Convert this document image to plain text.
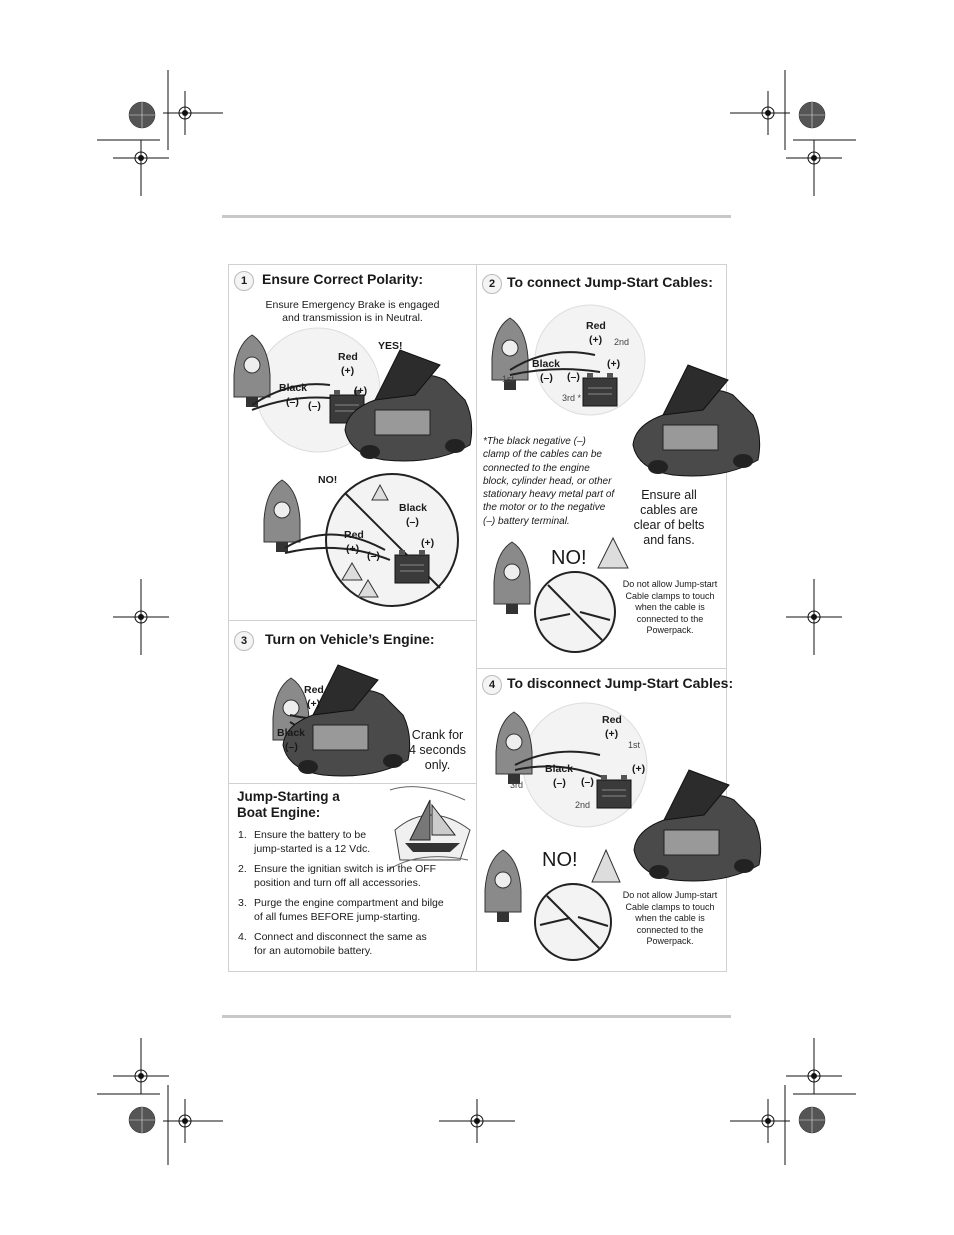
1	Ensure Correct Polarity:
Ensure Emergency Brake is engaged
and transmission is in Neutral.
YES!
Red
(+)
Black
(–) (–)
(+)
NO!
Black
(–)
Red
(+)
(–)
(+)
2 To connect Jump-Start Cables:
Red
(+)
Black
(–) (–)
(+)
1st
2nd
3rd *
*The black negative (–)
clamp of the cables can be
connected to the engine
block, cylinder head, or other
stationary heavy metal part of
the motor or to the negative
(–) battery terminal.
Ensure all
cables are
clear of belts
and fans.
NO!
Do not allow Jump-start
Cable clamps to touch
when the cable is
connected to the
Powerpack.
3	Turn on Vehicle’s Engine:
Red
(+)
Black
(–)
Crank for
4 seconds
only.
Jump-Starting a
Boat Engine:
1. Ensure the battery to be
jump-started is a 12 Vdc.
2. Ensure the ignitian switch is in the OFF
position and turn off all accessories.
3. Purge the engine compartment and bilge
of all fumes BEFORE jump-starting.
4. Connect and disconnect the same as
for an automobile battery.
4 To disconnect Jump-Start Cables:
Red
(+)
Black
(–) (–)
(+)
1st
2nd
3rd
NO!
Do not allow Jump-start
Cable clamps to touch
when the cable is
connected to the
Powerpack.
